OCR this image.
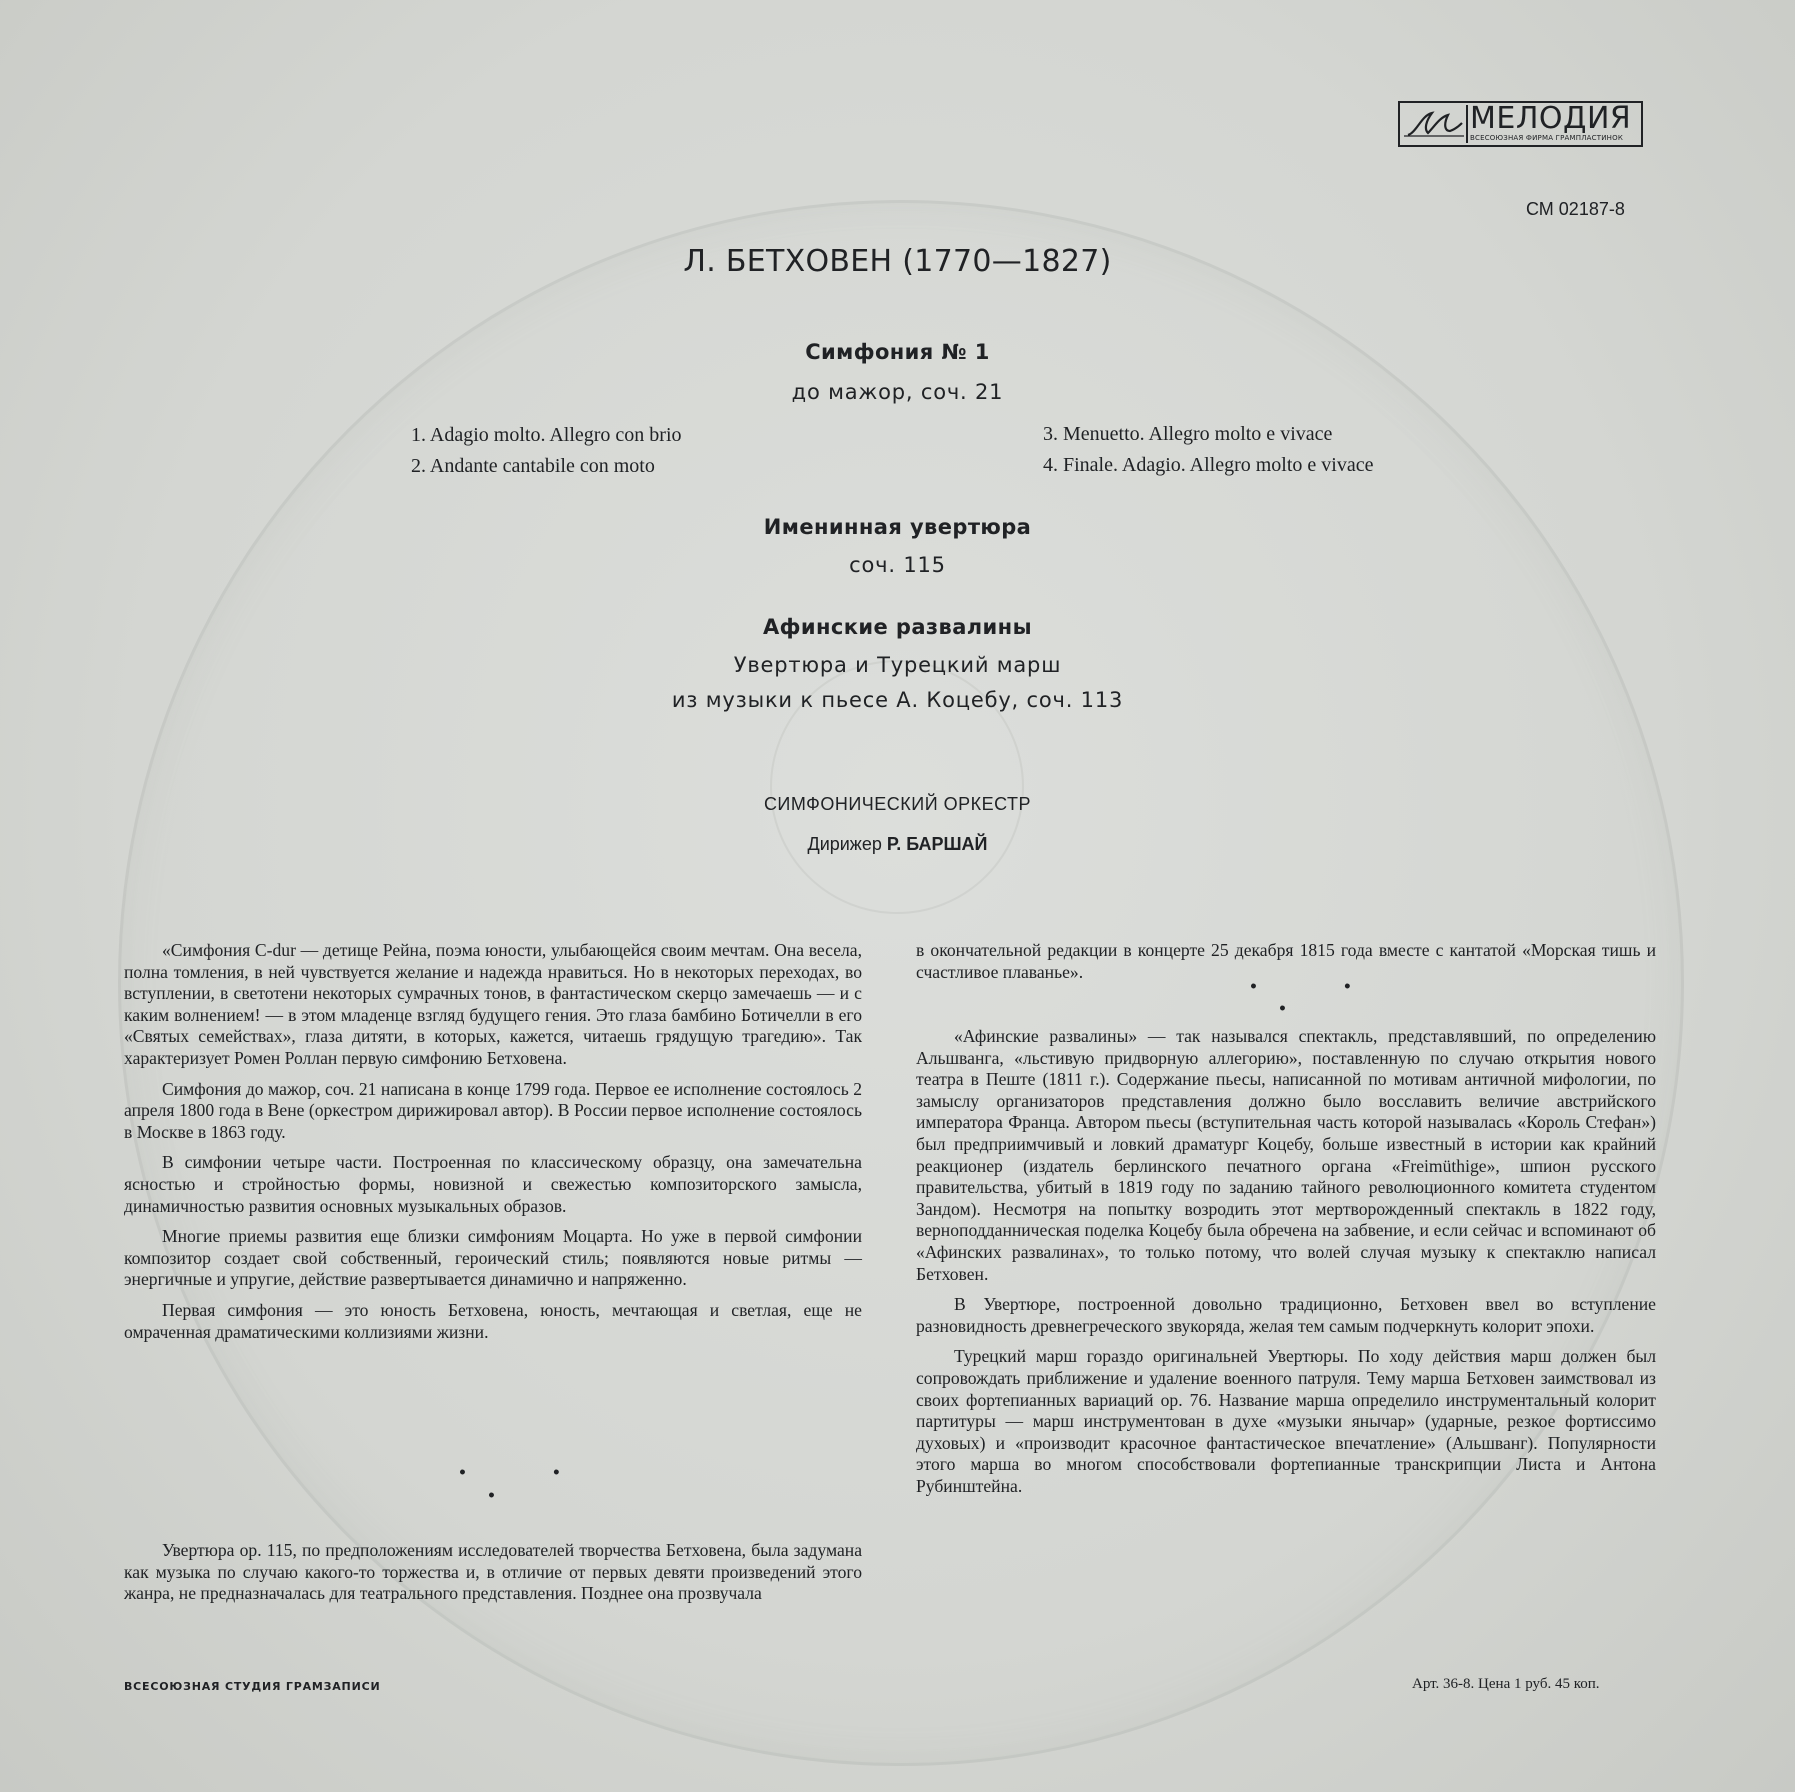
МЕЛОДИЯ
ВСЕСОЮЗНАЯ ФИРМА ГРАМПЛАСТИНОК
СМ 02187-8
Л. БЕТХОВЕН (1770—1827)
Симфония № 1
до мажор, соч. 21
1. Adagio molto. Allegro con brio
2. Andante cantabile con moto
3. Menuetto. Allegro molto e vivace
4. Finale. Adagio. Allegro molto e vivace
Именинная увертюра
соч. 115
Афинские развалины
Увертюра и Турецкий марш
из музыки к пьесе А. Коцебу, соч. 113
СИМФОНИЧЕСКИЙ ОРКЕСТР
Дирижер Р. БАРШАЙ

«Симфония C-dur — детище Рейна, поэма юности, улыбающейся своим мечтам. Она весела, полна томления, в ней чувствуется желание и надежда нравиться. Но в некоторых переходах, во вступлении, в светотени некоторых сумрачных тонов, в фантастическом скерцо замечаешь — и с каким волнением! — в этом младенце взгляд будущего гения. Это глаза бамбино Ботичелли в его «Святых семействах», глаза дитяти, в которых, кажется, читаешь грядущую трагедию». Так характеризует Ромен Роллан первую симфонию Бетховена.

Симфония до мажор, соч. 21 написана в конце 1799 года. Первое ее исполнение состоялось 2 апреля 1800 года в Вене (оркестром дирижировал автор). В России первое исполнение состоялось в Москве в 1863 году.

В симфонии четыре части. Построенная по классическому образцу, она замечательна ясностью и стройностью формы, новизной и свежестью композиторского замысла, динамичностью развития основных музыкальных образов.

Многие приемы развития еще близки симфониям Моцарта. Но уже в первой симфонии композитор создает свой собственный, героический стиль; появляются новые ритмы — энергичные и упругие, действие развертывается динамично и напряженно.

Первая симфония — это юность Бетховена, юность, мечтающая и светлая, еще не омраченная драматическими коллизиями жизни.

• •
•

Увертюра ор. 115, по предположениям исследователей творчества Бетховена, была задумана как музыка по случаю какого-то торжества и, в отличие от первых девяти произведений этого жанра, не предназначалась для театрального представления. Позднее она прозвучала

в окончательной редакции в концерте 25 декабря 1815 года вместе с кантатой «Морская тишь и счастливое плаванье».

• •
•

«Афинские развалины» — так назывался спектакль, представлявший, по определению Альшванга, «льстивую придворную аллегорию», поставленную по случаю открытия нового театра в Пеште (1811 г.). Содержание пьесы, написанной по мотивам античной мифологии, по замыслу организаторов представления должно было восславить величие австрийского императора Франца. Автором пьесы (вступительная часть которой называлась «Король Стефан») был предприимчивый и ловкий драматург Коцебу, больше известный в истории как крайний реакционер (издатель берлинского печатного органа «Freimüthige», шпион русского правительства, убитый в 1819 году по заданию тайного революционного комитета студентом Зандом). Несмотря на попытку возродить этот мертворожденный спектакль в 1822 году, верноподданническая поделка Коцебу была обречена на забвение, и если сейчас и вспоминают об «Афинских развалинах», то только потому, что волей случая музыку к спектаклю написал Бетховен.

В Увертюре, построенной довольно традиционно, Бетховен ввел во вступление разновидность древнегреческого звукоряда, желая тем самым подчеркнуть колорит эпохи.

Турецкий марш гораздо оригинальней Увертюры. По ходу действия марш должен был сопровождать приближение и удаление военного патруля. Тему марша Бетховен заимствовал из своих фортепианных вариаций ор. 76. Название марша определило инструментальный колорит партитуры — марш инструментован в духе «музыки янычар» (ударные, резкое фортиссимо духовых) и «производит красочное фантастическое впечатление» (Альшванг). Популярности этого марша во многом способствовали фортепианные транскрипции Листа и Антона Рубинштейна.

ВСЕСОЮЗНАЯ СТУДИЯ ГРАМЗАПИСИ	Арт. 36-8. Цена 1 руб. 45 коп.
